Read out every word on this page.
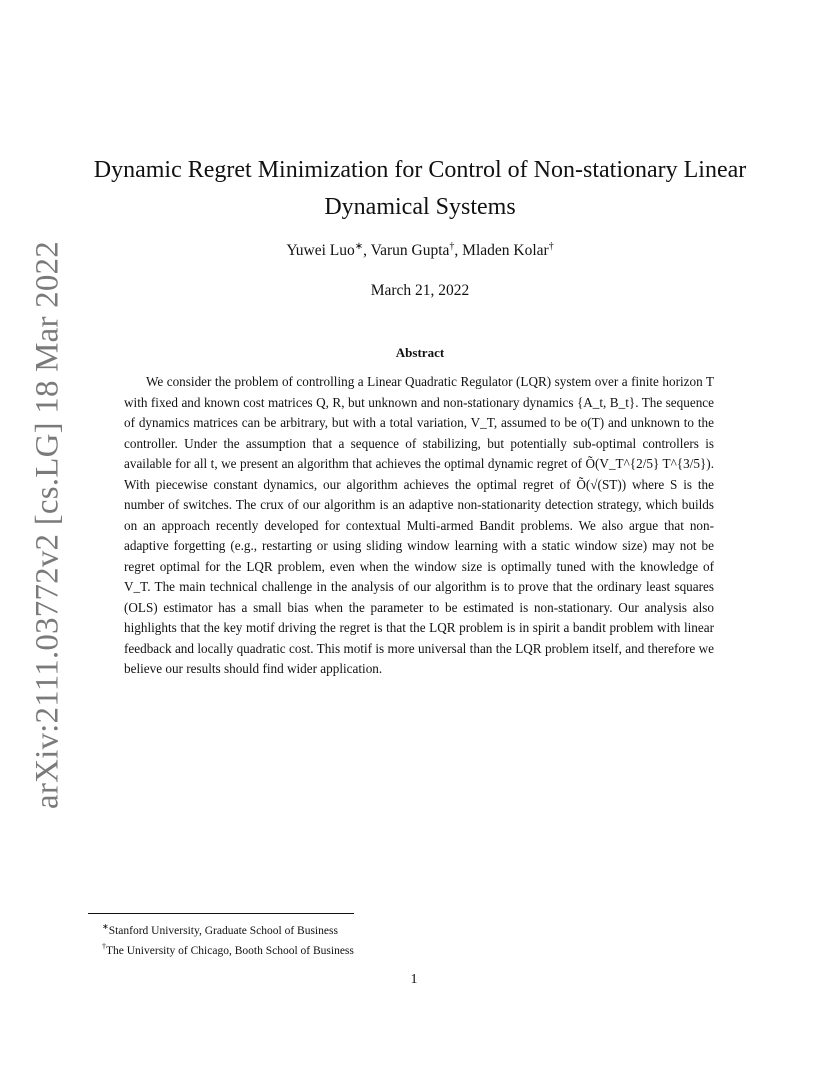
arXiv:2111.03772v2 [cs.LG] 18 Mar 2022
Dynamic Regret Minimization for Control of Non-stationary Linear
Dynamical Systems
Yuwei Luo∗, Varun Gupta†, Mladen Kolar†
March 21, 2022
Abstract

We consider the problem of controlling a Linear Quadratic Regulator (LQR) system over a finite horizon T with fixed and known cost matrices Q, R, but unknown and non-stationary dynamics {A_t, B_t}. The sequence of dynamics matrices can be arbitrary, but with a total variation, V_T, assumed to be o(T) and unknown to the controller. Under the assumption that a sequence of stabilizing, but potentially sub-optimal controllers is available for all t, we present an algorithm that achieves the optimal dynamic regret of Õ(V_T^{2/5} T^{3/5}). With piecewise constant dynamics, our algorithm achieves the optimal regret of Õ(√(ST)) where S is the number of switches. The crux of our algorithm is an adaptive non-stationarity detection strategy, which builds on an approach recently developed for contextual Multi-armed Bandit problems. We also argue that non-adaptive forgetting (e.g., restarting or using sliding window learning with a static window size) may not be regret optimal for the LQR problem, even when the window size is optimally tuned with the knowledge of V_T. The main technical challenge in the analysis of our algorithm is to prove that the ordinary least squares (OLS) estimator has a small bias when the parameter to be estimated is non-stationary. Our analysis also highlights that the key motif driving the regret is that the LQR problem is in spirit a bandit problem with linear feedback and locally quadratic cost. This motif is more universal than the LQR problem itself, and therefore we believe our results should find wider application.

∗Stanford University, Graduate School of Business
†The University of Chicago, Booth School of Business
1
